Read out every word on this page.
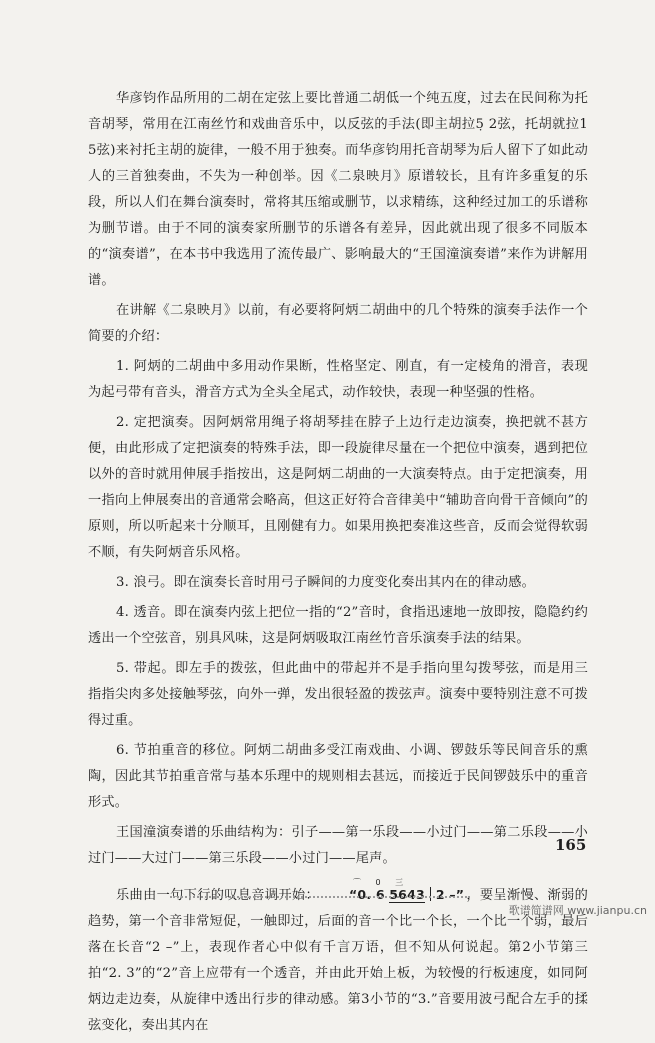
华彦钧作品所用的二胡在定弦上要比普通二胡低一个纯五度，过去在民间称为托音胡琴，常用在江南丝竹和戏曲音乐中，以反弦的手法(即主胡拉5̣ 2弦，托胡就拉1 5弦)来衬托主胡的旋律，一般不用于独奏。而华彦钧用托音胡琴为后人留下了如此动人的三首独奏曲，不失为一种创举。因《二泉映月》原谱较长，且有许多重复的乐段，所以人们在舞台演奏时，常将其压缩或删节，以求精练，这种经过加工的乐谱称为删节谱。由于不同的演奏家所删节的乐谱各有差异，因此就出现了很多不同版本的“演奏谱”，在本书中我选用了流传最广、影响最大的“王国潼演奏谱”来作为讲解用谱。

在讲解《二泉映月》以前，有必要将阿炳二胡曲中的几个特殊的演奏手法作一个简要的介绍：

1. 阿炳的二胡曲中多用动作果断，性格坚定、刚直，有一定棱角的滑音，表现为起弓带有音头，滑音方式为全头全尾式，动作较快，表现一种坚强的性格。

2. 定把演奏。因阿炳常用绳子将胡琴挂在脖子上边行走边演奏，换把就不甚方便，由此形成了定把演奏的特殊手法，即一段旋律尽量在一个把位中演奏，遇到把位以外的音时就用伸展手指按出，这是阿炳二胡曲的一大演奏特点。由于定把演奏，用一指向上伸展奏出的音通常会略高，但这正好符合音律美中“辅助音向骨干音倾向”的原则，所以听起来十分顺耳，且刚健有力。如果用换把奏准这些音，反而会觉得软弱不顺，有失阿炳音乐风格。

3. 浪弓。即在演奏长音时用弓子瞬间的力度变化奏出其内在的律动感。

4. 透音。即在演奏内弦上把位一指的“2”音时，食指迅速地一放即按，隐隐约约透出一个空弦音，别具风味，这是阿炳吸取江南丝竹音乐演奏手法的结果。

5. 带起。即左手的拨弦，但此曲中的带起并不是手指向里勾拨琴弦，而是用三指指尖肉多处接触琴弦，向外一弹，发出很轻盈的拨弦声。演奏中要特别注意不可拨得过重。

6. 节拍重音的移位。阿炳二胡曲多受江南戏曲、小调、锣鼓乐等民间音乐的熏陶，因此其节拍重音常与基本乐理中的规则相去甚远，而接近于民间锣鼓乐中的重音形式。

王国潼演奏谱的乐曲结构为：引子——第一乐段——小过门——第二乐段——小过门——大过门——第三乐段——小过门——尾声。

乐曲由一句下行的叹息音调开始：
⌒ 0 三
“0. 6 5643 2 –” ，要呈渐慢、渐弱的趋势，第一个音非常短促，一触即过，后面的音一个比一个长，一个比一个弱，最后落在长音“2 –”上，表现作者心中似有千言万语，但不知从何说起。第2小节第三拍“2. 3”的“2”音上应带有一个透音，并由此开始上板，为较慢的行板速度，如同阿炳边走边奏，从旋律中透出行步的律动感。第3小节的“3.”音要用波弓配合左手的揉弦变化，奏出其内在

165
歌谱简谱网 www.jianpu.cn
